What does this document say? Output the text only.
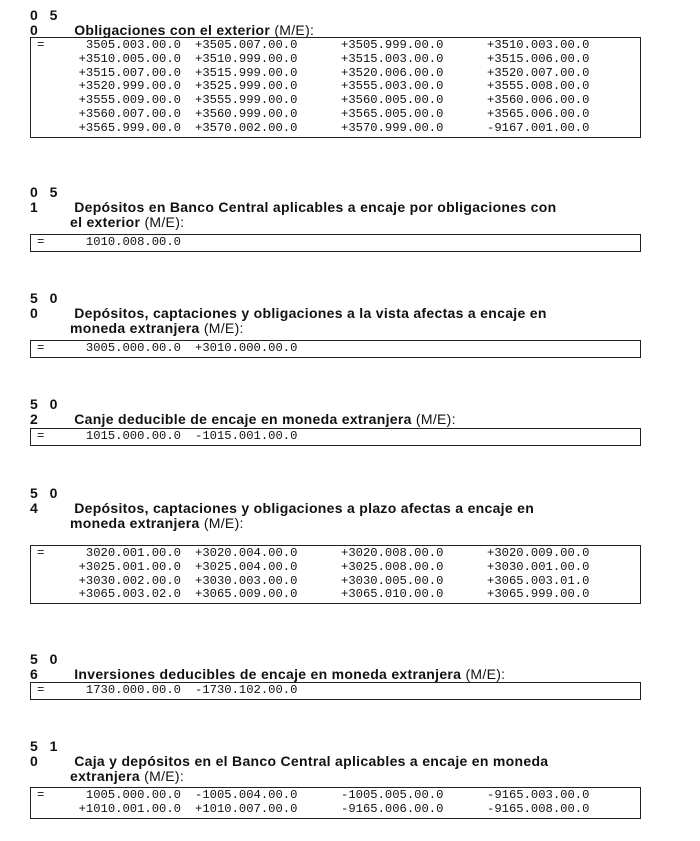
0 5 0 Obligaciones con el exterior (M/E):
=	3505.003.00.0	+3505.007.00.0	+3505.999.00.0	+3510.003.00.0
+3510.005.00.0	+3510.999.00.0	+3515.003.00.0	+3515.006.00.0
+3515.007.00.0	+3515.999.00.0	+3520.006.00.0	+3520.007.00.0
+3520.999.00.0	+3525.999.00.0	+3555.003.00.0	+3555.008.00.0
+3555.009.00.0	+3555.999.00.0	+3560.005.00.0	+3560.006.00.0
+3560.007.00.0	+3560.999.00.0	+3565.005.00.0	+3565.006.00.0
+3565.999.00.0	+3570.002.00.0	+3570.999.00.0	-9167.001.00.0
0 5 1 Depósitos en Banco Central aplicables a encaje por obligaciones con
el exterior (M/E):
=	1010.008.00.0
5 0 0 Depósitos, captaciones y obligaciones a la vista afectas a encaje en
moneda extranjera (M/E):
=	3005.000.00.0	+3010.000.00.0
5 0 2 Canje deducible de encaje en moneda extranjera (M/E):
=	1015.000.00.0	-1015.001.00.0
5 0 4 Depósitos, captaciones y obligaciones a plazo afectas a encaje en
moneda extranjera (M/E):
=	3020.001.00.0	+3020.004.00.0	+3020.008.00.0	+3020.009.00.0
+3025.001.00.0	+3025.004.00.0	+3025.008.00.0	+3030.001.00.0
+3030.002.00.0	+3030.003.00.0	+3030.005.00.0	+3065.003.01.0
+3065.003.02.0	+3065.009.00.0	+3065.010.00.0	+3065.999.00.0
5 0 6 Inversiones deducibles de encaje en moneda extranjera (M/E):
=	1730.000.00.0	-1730.102.00.0
5 1 0 Caja y depósitos en el Banco Central aplicables a encaje en moneda
extranjera (M/E):
=	1005.000.00.0	-1005.004.00.0	-1005.005.00.0	-9165.003.00.0
+1010.001.00.0	+1010.007.00.0	-9165.006.00.0	-9165.008.00.0
